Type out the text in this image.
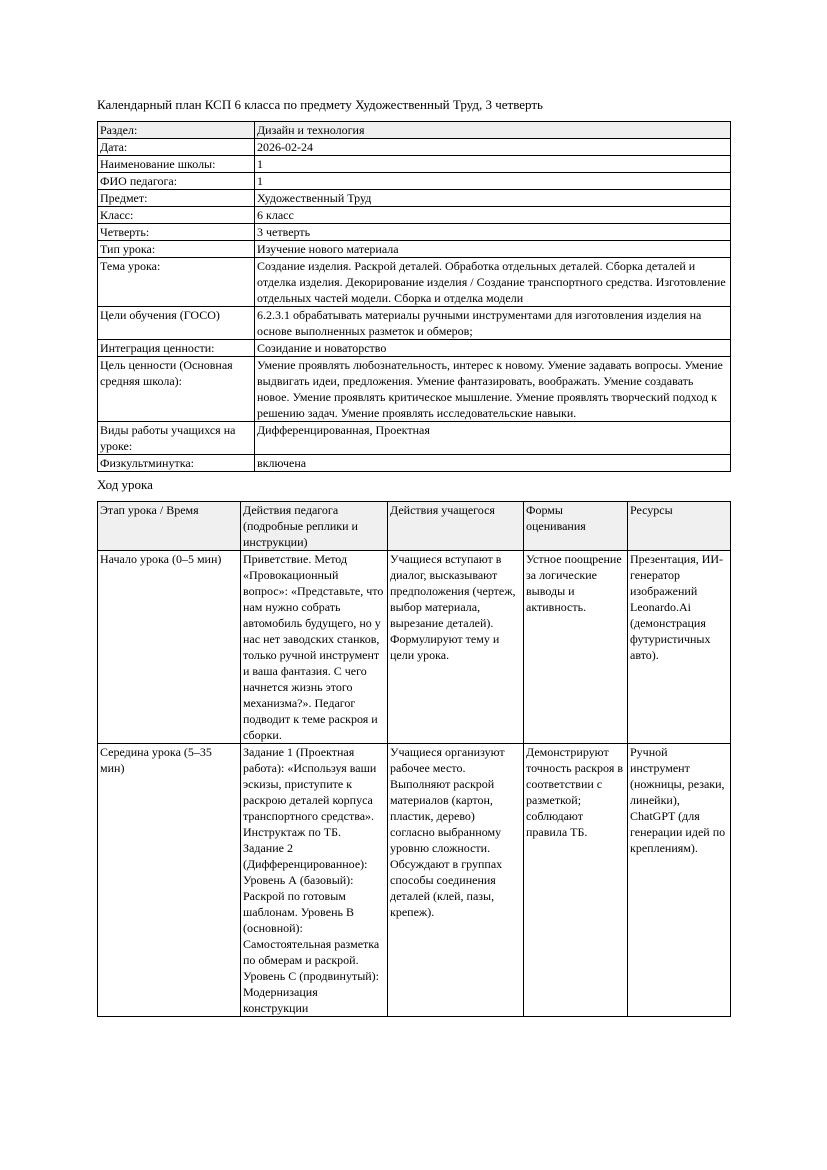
Календарный план КСП 6 класса по предмету Художественный Труд, 3 четверть

Раздел:	Дизайн и технология
Дата:	2026-02-24
Наименование школы:	1
ФИО педагога:	1
Предмет:	Художественный Труд
Класс:	6 класс
Четверть:	3 четверть
Тип урока:	Изучение нового материала
Тема урока:	Создание изделия. Раскрой деталей. Обработка отдельных деталей. Сборка деталей и отделка изделия. Декорирование изделия / Создание транспортного средства. Изготовление отдельных частей модели. Сборка и отделка модели
Цели обучения (ГОСО)	6.2.3.1 обрабатывать материалы ручными инструментами для изготовления изделия на основе выполненных разметок и обмеров;
Интеграция ценности:	Созидание и новаторство
Цель ценности (Основная средняя школа):	Умение проявлять любознательность, интерес к новому. Умение задавать вопросы. Умение выдвигать идеи, предложения. Умение фантазировать, воображать. Умение создавать новое. Умение проявлять критическое мышление. Умение проявлять творческий подход к решению задач. Умение проявлять исследовательские навыки.
Виды работы учащихся на уроке:	Дифференцированная, Проектная
Физкультминутка:	включена

Ход урока

Этап урока / Время	Действия педагога (подробные реплики и инструкции)	Действия учащегося	Формы оценивания	Ресурсы
Начало урока (0–5 мин)	Приветствие. Метод «Провокационный вопрос»: «Представьте, что нам нужно собрать автомобиль будущего, но у нас нет заводских станков, только ручной инструмент и ваша фантазия. С чего начнется жизнь этого механизма?». Педагог подводит к теме раскроя и сборки.	Учащиеся вступают в диалог, высказывают предположения (чертеж, выбор материала, вырезание деталей). Формулируют тему и цели урока.	Устное поощрение за логические выводы и активность.	Презентация, ИИ-генератор изображений Leonardo.Ai (демонстрация футуристичных авто).
Середина урока (5–35 мин)	Задание 1 (Проектная работа): «Используя ваши эскизы, приступите к раскрою деталей корпуса транспортного средства». Инструктаж по ТБ. Задание 2 (Дифференцированное): Уровень А (базовый): Раскрой по готовым шаблонам. Уровень В (основной): Самостоятельная разметка по обмерам и раскрой. Уровень С (продвинутый): Модернизация конструкции	Учащиеся организуют рабочее место. Выполняют раскрой материалов (картон, пластик, дерево) согласно выбранному уровню сложности. Обсуждают в группах способы соединения деталей (клей, пазы, крепеж).	Демонстрируют точность раскроя в соответствии с разметкой; соблюдают правила ТБ.	Ручной инструмент (ножницы, резаки, линейки), ChatGPT (для генерации идей по креплениям).
